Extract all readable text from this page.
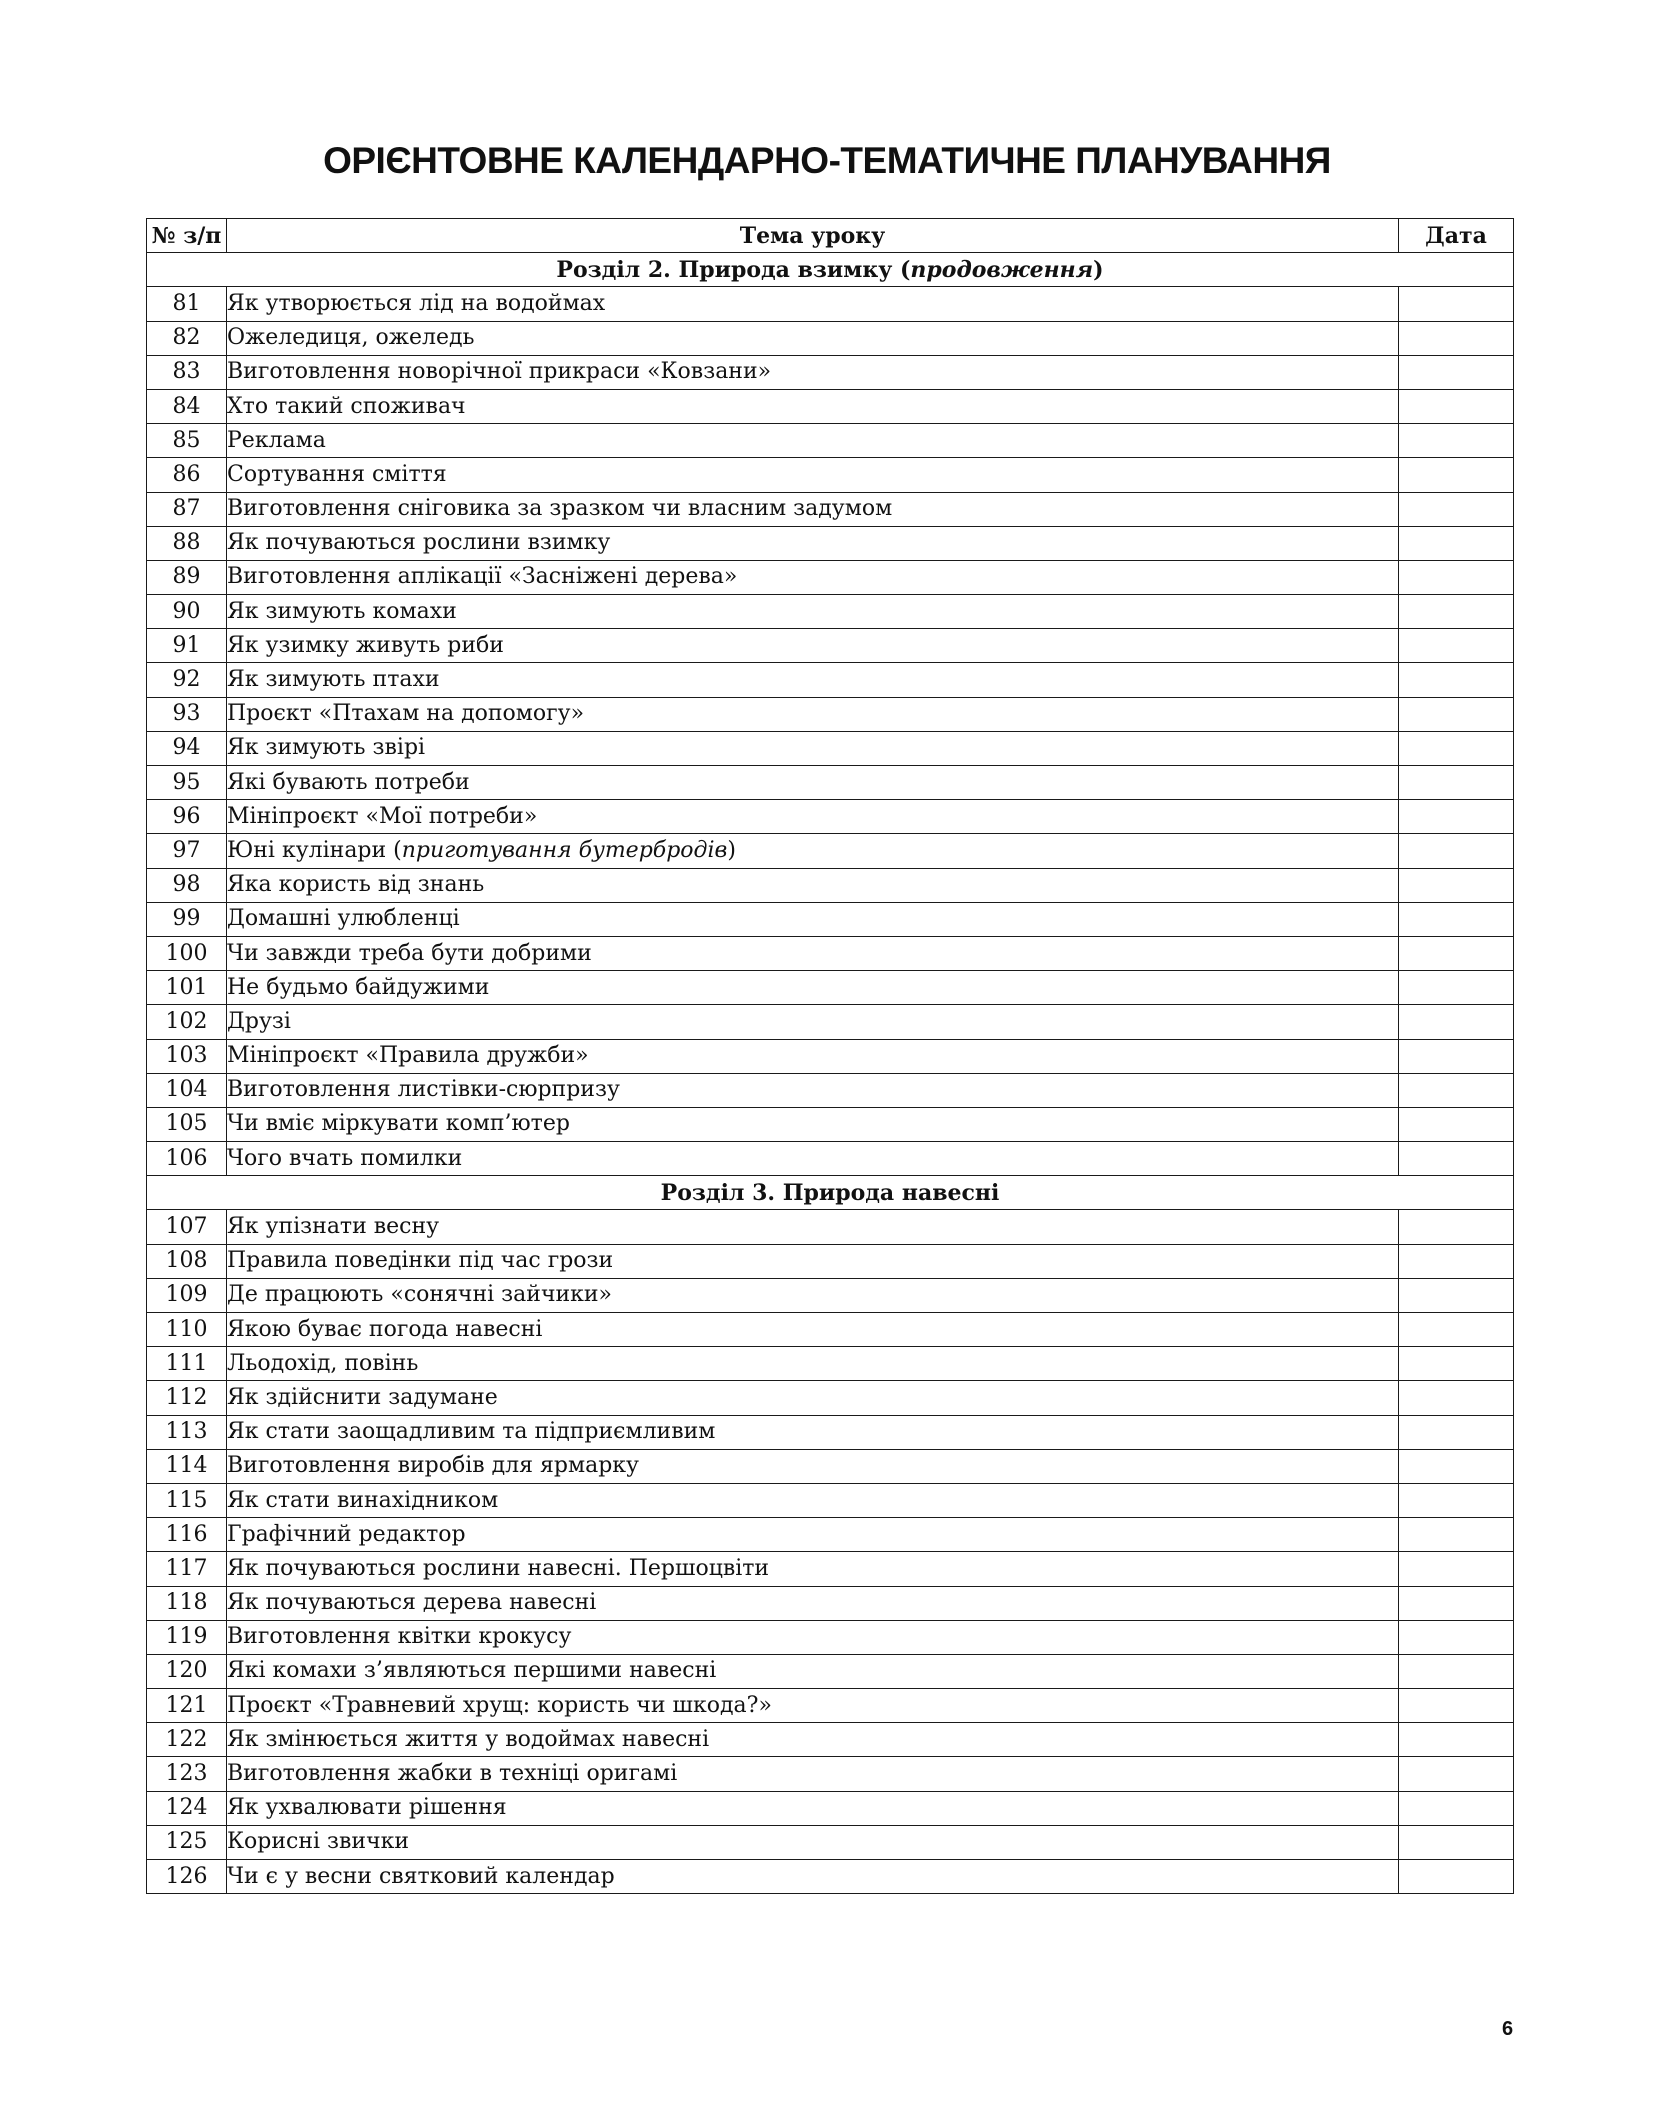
ОРІЄНТОВНЕ КАЛЕНДАРНО-ТЕМАТИЧНЕ ПЛАНУВАННЯ
№ з/п	Тема уроку	Дата
Розділ 2. Природа взимку (продовження)		
81	Як утворюється лід на водоймах	
82	Ожеледиця, ожеледь	
83	Виготовлення новорічної прикраси «Ковзани»	
84	Хто такий споживач	
85	Реклама	
86	Сортування сміття	
87	Виготовлення сніговика за зразком чи власним задумом	
88	Як почуваються рослини взимку	
89	Виготовлення аплікації «Засніжені дерева»	
90	Як зимують комахи	
91	Як узимку живуть риби	
92	Як зимують птахи	
93	Проєкт «Птахам на допомогу»	
94	Як зимують звірі	
95	Які бувають потреби	
96	Мініпроєкт «Мої потреби»	
97	Юні кулінари (приготування бутербродів)	
98	Яка користь від знань	
99	Домашні улюбленці	
100	Чи завжди треба бути добрими	
101	Не будьмо байдужими	
102	Друзі	
103	Мініпроєкт «Правила дружби»	
104	Виготовлення листівки-сюрпризу	
105	Чи вміє міркувати комп’ютер	
106	Чого вчать помилки	
Розділ 3. Природа навесні		
107	Як упізнати весну	
108	Правила поведінки під час грози	
109	Де працюють «сонячні зайчики»	
110	Якою буває погода навесні	
111	Льодохід, повінь	
112	Як здійснити задумане	
113	Як стати заощадливим та підприємливим	
114	Виготовлення виробів для ярмарку	
115	Як стати винахідником	
116	Графічний редактор	
117	Як почуваються рослини навесні. Першоцвіти	
118	Як почуваються дерева навесні	
119	Виготовлення квітки крокусу	
120	Які комахи з’являються першими навесні	
121	Проєкт «Травневий хрущ: користь чи шкода?»	
122	Як змінюється життя у водоймах навесні	
123	Виготовлення жабки в техніці оригамі	
124	Як ухвалювати рішення	
125	Корисні звички	
126	Чи є у весни святковий календар	
6
